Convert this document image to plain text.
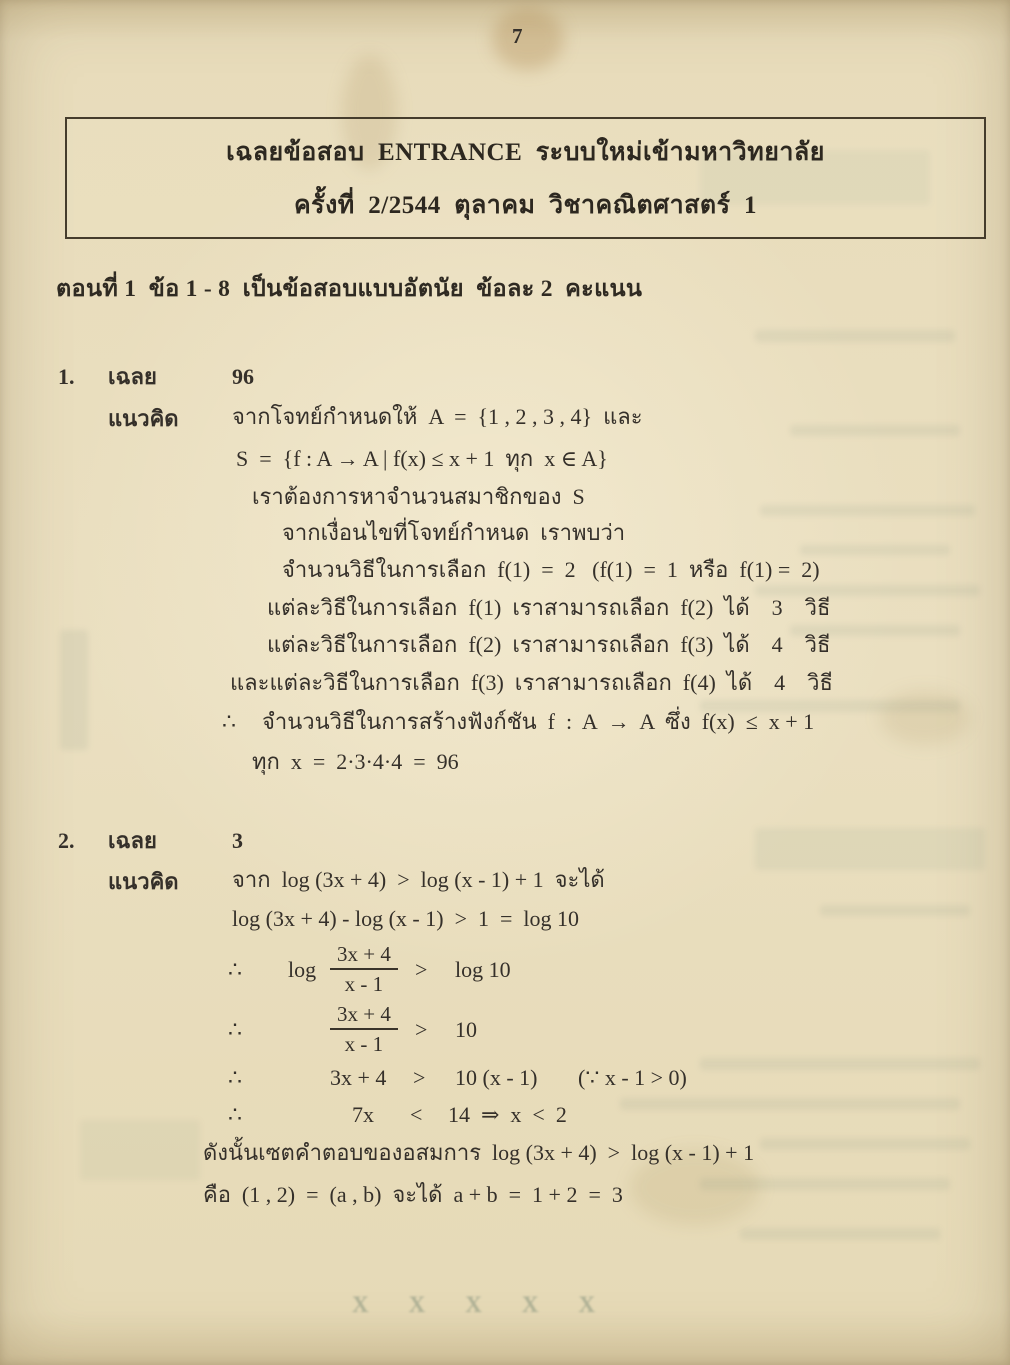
7
เฉลยข้อสอบ  ENTRANCE  ระบบใหม่เข้ามหาวิทยาลัย
ครั้งที่  2/2544  ตุลาคม  วิชาคณิตศาสตร์  1
ตอนที่ 1  ข้อ 1 - 8  เป็นข้อสอบแบบอัตนัย  ข้อละ 2  คะแนน
1. เฉลย	96
แนวคิด จากโจทย์กำหนดให้  A  =  {1 , 2 , 3 , 4}  และ
S  =  {f : A → A | f(x) ≤ x + 1  ทุก  x ∈ A}
เราต้องการหาจำนวนสมาชิกของ  S
จากเงื่อนไขที่โจทย์กำหนด  เราพบว่า
จำนวนวิธีในการเลือก  f(1)  =  2   (f(1)  =  1  หรือ  f(1) =  2)
แต่ละวิธีในการเลือก  f(1)  เราสามารถเลือก  f(2)  ได้    3    วิธี
แต่ละวิธีในการเลือก  f(2)  เราสามารถเลือก  f(3)  ได้    4    วิธี
และแต่ละวิธีในการเลือก  f(3)  เราสามารถเลือก  f(4)  ได้    4    วิธี
∴ จำนวนวิธีในการสร้างฟังก์ชัน  f  :  A  →  A  ซึ่ง  f(x)  ≤  x + 1
ทุก  x  =  2·3·4·4  =  96
2. เฉลย	3
แนวคิด จาก  log (3x + 4)  >  log (x - 1) + 1  จะได้
log (3x + 4) - log (x - 1)  >  1  =  log 10
∴ $\log \frac{3x + 4}{x - 1} > \log 10$
∴	$\frac{3x + 4}{x - 1} > 10$
∴	3x + 4 > 10 (x - 1) (∵ x - 1 > 0)
∴	7x < 14  ⇒  x  <  2
ดังนั้นเซตคำตอบของอสมการ  log (3x + 4)  >  log (x - 1) + 1
คือ  (1 , 2)  =  (a , b)  จะได้  a + b  =  1 + 2  =  3
X X X X X
